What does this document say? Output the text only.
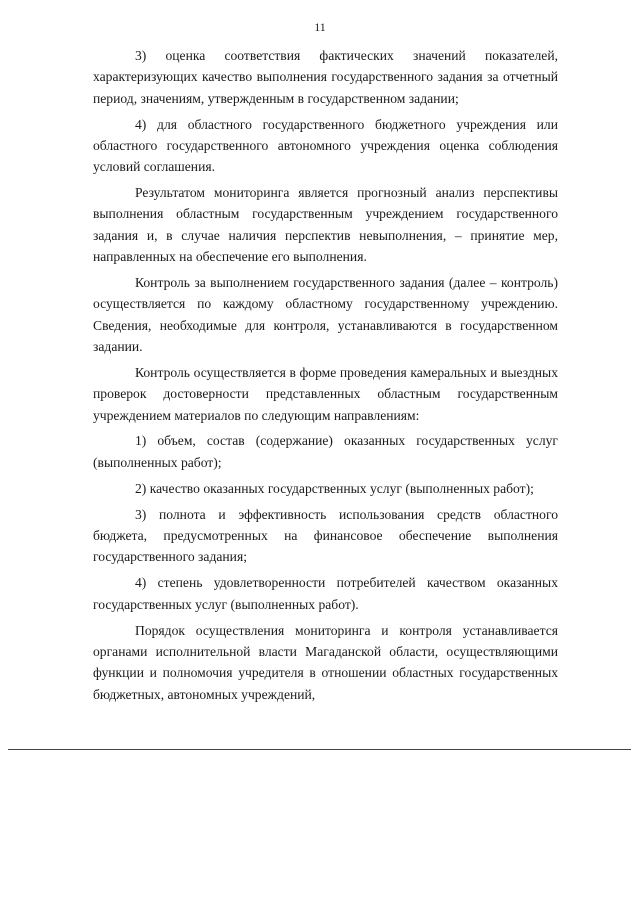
11

3) оценка соответствия фактических значений показателей, характеризующих качество выполнения государственного задания за отчетный период, значениям, утвержденным в государственном задании;

4) для областного государственного бюджетного учреждения или областного государственного автономного учреждения оценка соблюдения условий соглашения.

Результатом мониторинга является прогнозный анализ перспективы выполнения областным государственным учреждением государственного задания и, в случае наличия перспектив невыполнения, – принятие мер, направленных на обеспечение его выполнения.

Контроль за выполнением государственного задания (далее – контроль) осуществляется по каждому областному государственному учреждению. Сведения, необходимые для контроля, устанавливаются в государственном задании.

Контроль осуществляется в форме проведения камеральных и выездных проверок достоверности представленных областным государственным учреждением материалов по следующим направлениям:

1) объем, состав (содержание) оказанных государственных услуг (выполненных работ);

2) качество оказанных государственных услуг (выполненных работ);

3) полнота и эффективность использования средств областного бюджета, предусмотренных на финансовое обеспечение выполнения государственного задания;

4) степень удовлетворенности потребителей качеством оказанных государственных услуг (выполненных работ).

Порядок осуществления мониторинга и контроля устанавливается органами исполнительной власти Магаданской области, осуществляющими функции и полномочия учредителя в отношении областных государственных бюджетных, автономных учреждений,
